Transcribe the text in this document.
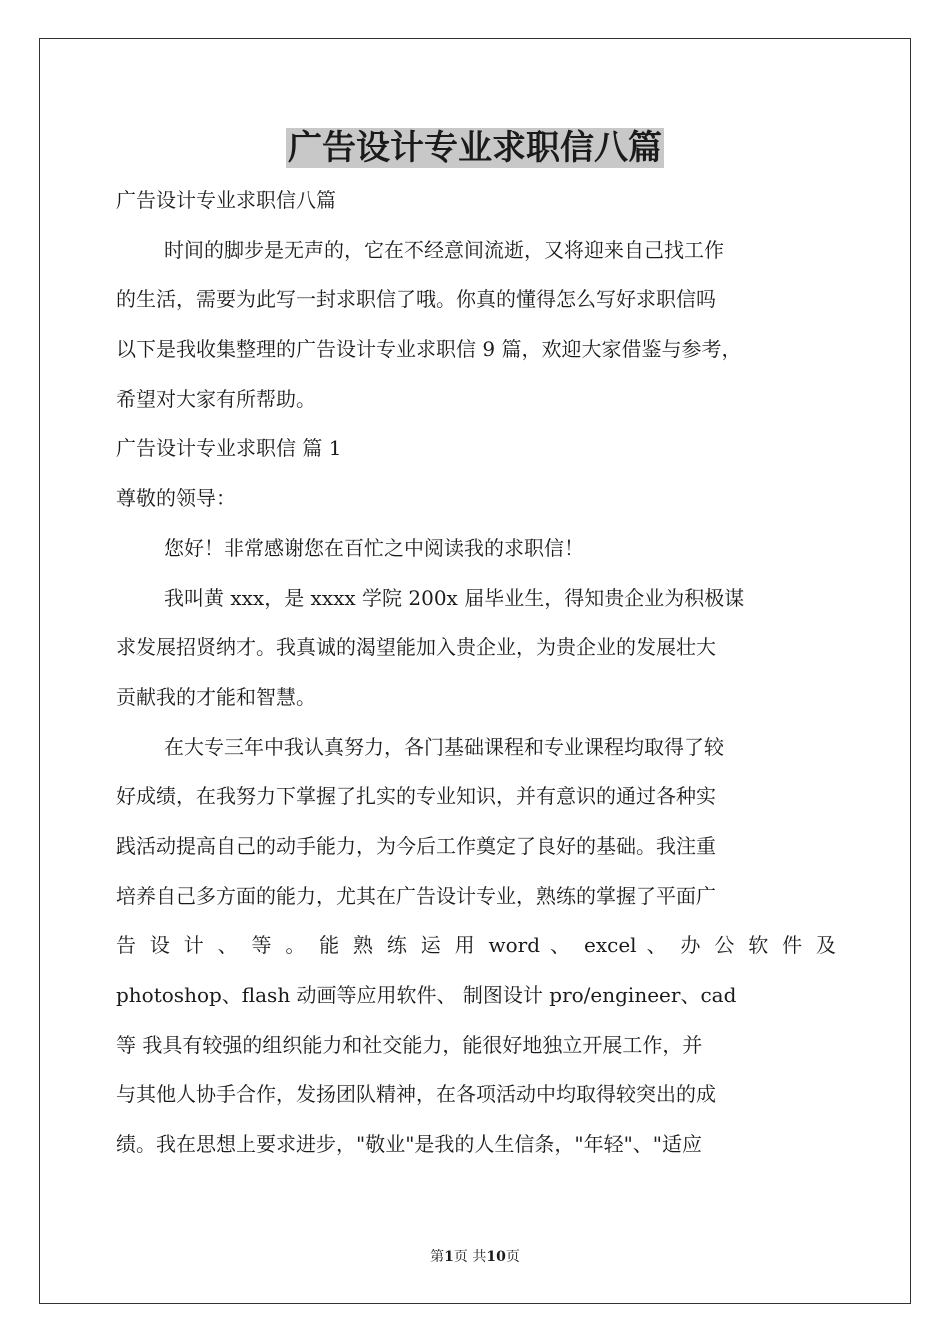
广告设计专业求职信八篇
广告设计专业求职信八篇
时间的脚步是无声的，它在不经意间流逝，又将迎来自己找工作
的生活，需要为此写一封求职信了哦。你真的懂得怎么写好求职信吗
以下是我收集整理的广告设计专业求职信 9 篇，欢迎大家借鉴与参考，
希望对大家有所帮助。
广告设计专业求职信 篇 1
尊敬的领导：
您好！非常感谢您在百忙之中阅读我的求职信！
我叫黄 xxx，是 xxxx 学院 200x 届毕业生，得知贵企业为积极谋
求发展招贤纳才。我真诚的渴望能加入贵企业，为贵企业的发展壮大
贡献我的才能和智慧。
在大专三年中我认真努力，各门基础课程和专业课程均取得了较
好成绩，在我努力下掌握了扎实的专业知识，并有意识的通过各种实
践活动提高自己的动手能力，为今后工作奠定了良好的基础。我注重
培养自己多方面的能力，尤其在广告设计专业，熟练的掌握了平面广
告 设 计 、 等 。 能 熟 练 运 用 word 、 excel 、 办 公 软 件 及
photoshop、flash 动画等应用软件、 制图设计 pro/engineer、cad
等 我具有较强的组织能力和社交能力，能很好地独立开展工作，并
与其他人协手合作，发扬团队精神，在各项活动中均取得较突出的成
绩。我在思想上要求进步，"敬业"是我的人生信条，"年轻"、"适应
第1页 共10页
